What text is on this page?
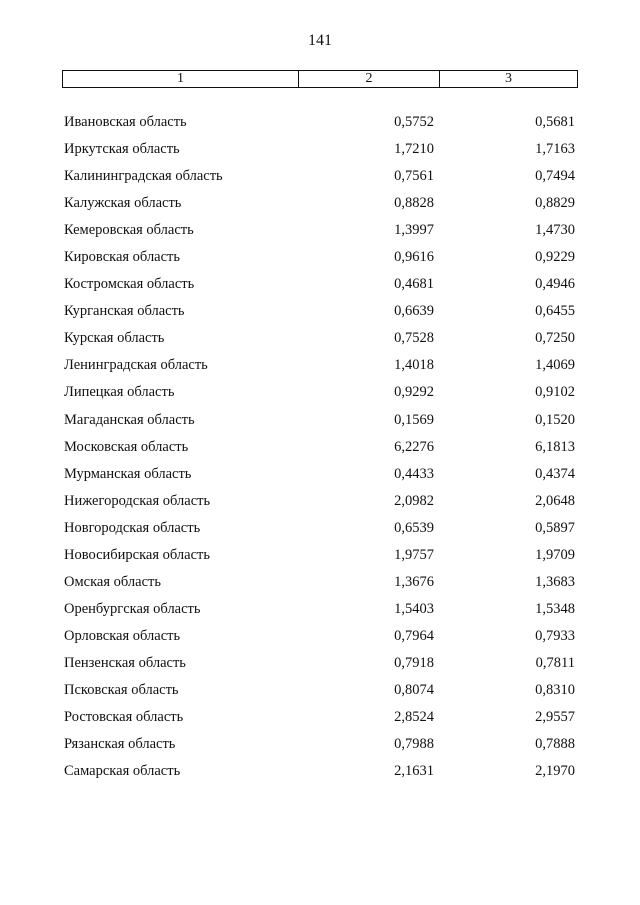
141
1	2	3
Ивановская область	0,5752	0,5681
Иркутская область	1,7210	1,7163
Калининградская область	0,7561	0,7494
Калужская область	0,8828	0,8829
Кемеровская область	1,3997	1,4730
Кировская область	0,9616	0,9229
Костромская область	0,4681	0,4946
Курганская область	0,6639	0,6455
Курская область	0,7528	0,7250
Ленинградская область	1,4018	1,4069
Липецкая область	0,9292	0,9102
Магаданская область	0,1569	0,1520
Московская область	6,2276	6,1813
Мурманская область	0,4433	0,4374
Нижегородская область	2,0982	2,0648
Новгородская область	0,6539	0,5897
Новосибирская область	1,9757	1,9709
Омская область	1,3676	1,3683
Оренбургская область	1,5403	1,5348
Орловская область	0,7964	0,7933
Пензенская область	0,7918	0,7811
Псковская область	0,8074	0,8310
Ростовская область	2,8524	2,9557
Рязанская область	0,7988	0,7888
Самарская область	2,1631	2,1970
